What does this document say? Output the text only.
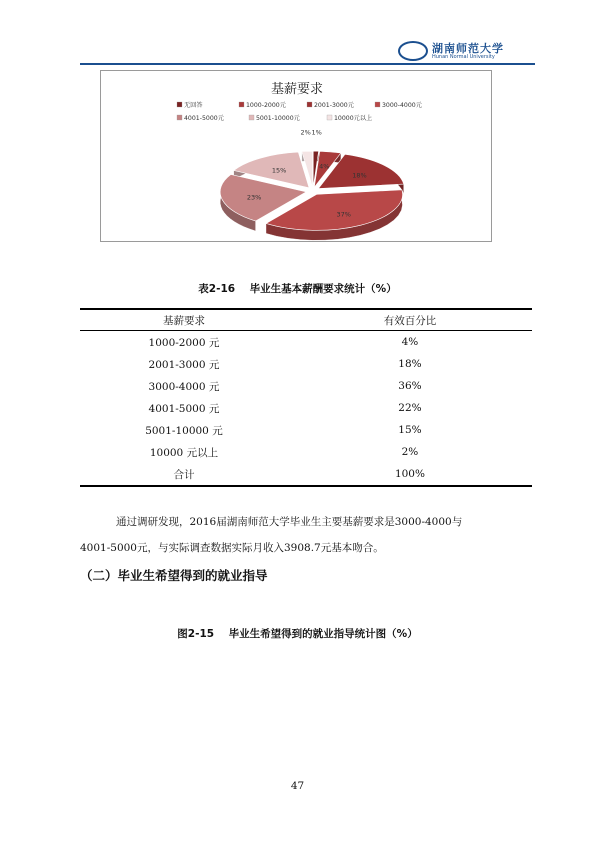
湖南师范大学
Hunan Normal University
基薪要求
无回答	1000-2000元	2001-3000元	3000-4000元
4001-5000元	5001-10000元	10000元以上
1%
4%
18%
37%
23%
15%
2%
表2-16    毕业生基本薪酬要求统计（%）
基薪要求	有效百分比
1000-2000 元	4%
2001-3000 元	18%
3000-4000 元	36%
4001-5000 元	22%
5001-10000 元	15%
10000 元以上	2%
合计	100%
通过调研发现，2016届湖南师范大学毕业生主要基薪要求是3000-4000与
4001-5000元，与实际调查数据实际月收入3908.7元基本吻合。
（二）毕业生希望得到的就业指导
图2-15    毕业生希望得到的就业指导统计图（%）
47
